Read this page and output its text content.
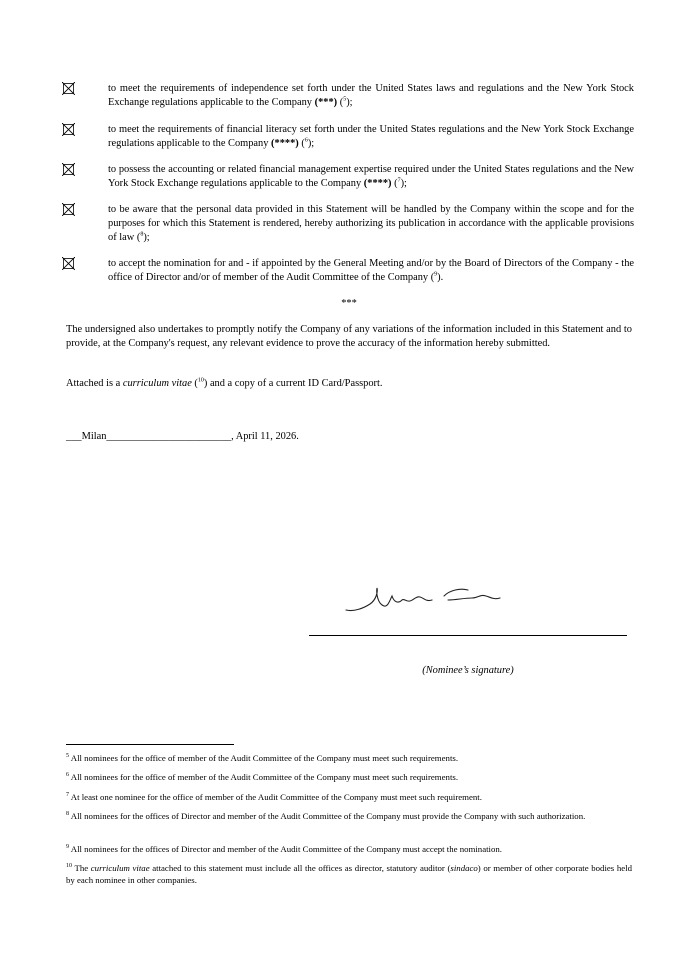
to meet the requirements of independence set forth under the United States laws and regulations and the New York Stock Exchange regulations applicable to the Company (***) ($^5$);
to meet the requirements of financial literacy set forth under the United States regulations and the New York Stock Exchange regulations applicable to the Company (****) ($^6$);
to possess the accounting or related financial management expertise required under the United States regulations and the New York Stock Exchange regulations applicable to the Company (****) ($^7$);
to be aware that the personal data provided in this Statement will be handled by the Company within the scope and for the purposes for which this Statement is rendered, hereby authorizing its publication in accordance with the applicable provisions of law ($^8$);
to accept the nomination for and - if appointed by the General Meeting and/or by the Board of Directors of the Company - the office of Director and/or of member of the Audit Committee of the Company ($^9$).
***
The undersigned also undertakes to promptly notify the Company of any variations of the information included in this Statement and to provide, at the Company's request, any relevant evidence to prove the accuracy of the information hereby submitted.
Attached is a curriculum vitae ($^{10}$) and a copy of a current ID Card/Passport.
___Milan________________________, April 11, 2026.
(Nominee’s signature)
$^5$ All nominees for the office of member of the Audit Committee of the Company must meet such requirements.
$^6$ All nominees for the office of member of the Audit Committee of the Company must meet such requirements.
$^7$ At least one nominee for the office of member of the Audit Committee of the Company must meet such requirement.
$^8$ All nominees for the offices of Director and member of the Audit Committee of the Company must provide the Company with such authorization.
$^9$ All nominees for the offices of Director and member of the Audit Committee of the Company must accept the nomination.
$^{10}$ The curriculum vitae attached to this statement must include all the offices as director, statutory auditor (sindaco) or member of other corporate bodies held by each nominee in other companies.
